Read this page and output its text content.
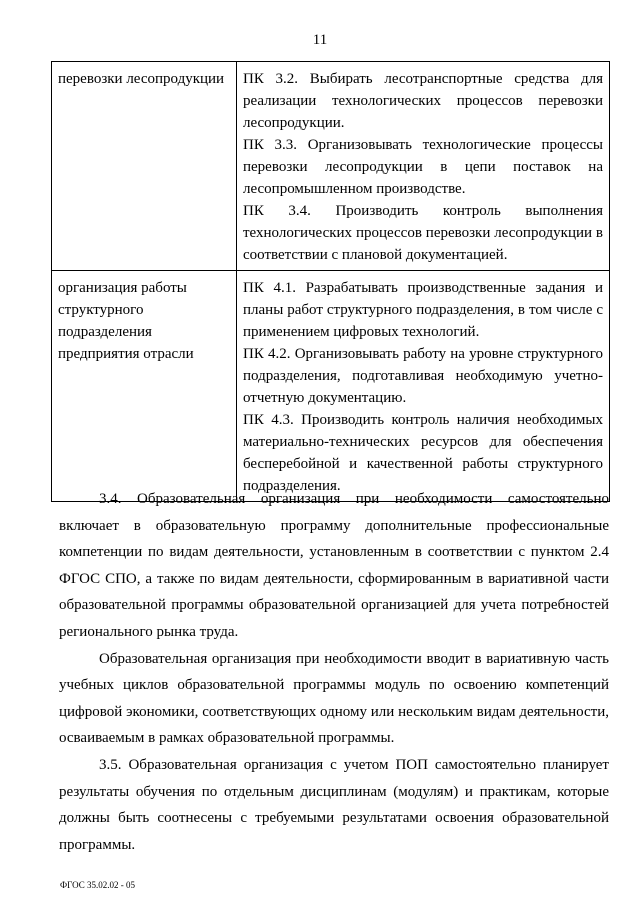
11
перевозки лесопродукции	ПК 3.2. Выбирать лесотранспортные средства для реализации технологических процессов перевозки лесопродукции.

ПК 3.3. Организовывать технологические процессы перевозки лесопродукции в цепи поставок на лесопромышленном производстве.

ПК 3.4. Производить контроль выполнения технологических процессов перевозки лесопродукции в соответствии с плановой документацией.

организация работы структурного подразделения предприятия отрасли	ПК 4.1. Разрабатывать производственные задания и планы работ структурного подразделения, в том числе с применением цифровых технологий.

ПК 4.2. Организовывать работу на уровне структурного подразделения, подготавливая необходимую учетно-отчетную документацию.

ПК 4.3. Производить контроль наличия необходимых материально-технических ресурсов для обеспечения бесперебойной и качественной работы структурного подразделения.

3.4. Образовательная организация при необходимости самостоятельно включает в образовательную программу дополнительные профессиональные компетенции по видам деятельности, установленным в соответствии с пунктом 2.4 ФГОС СПО, а также по видам деятельности, сформированным в вариативной части образовательной программы образовательной организацией для учета потребностей регионального рынка труда.

Образовательная организация при необходимости вводит в вариативную часть учебных циклов образовательной программы модуль по освоению компетенций цифровой экономики, соответствующих одному или нескольким видам деятельности, осваиваемым в рамках образовательной программы.

3.5. Образовательная организация с учетом ПОП самостоятельно планирует результаты обучения по отдельным дисциплинам (модулям) и практикам, которые должны быть соотнесены с требуемыми результатами освоения образовательной программы.

ФГОС 35.02.02 - 05
